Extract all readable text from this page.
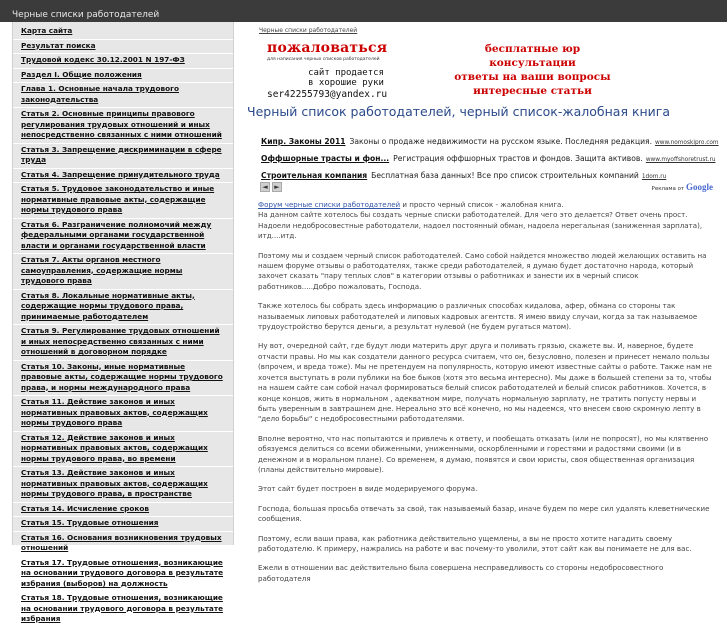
Черные списки работодателей
Карта сайта
Результат поиска
Трудовой кодекс 30.12.2001 N 197-ФЗ
Раздел I. Общие положения
Глава 1. Основные начала трудового законодательства
Статья 2. Основные принципы правового регулирования трудовых отношений и иных непосредственно связанных с ними отношений
Статья 3. Запрещение дискриминации в сфере труда
Статья 4. Запрещение принудительного труда
Статья 5. Трудовое законодательство и иные нормативные правовые акты, содержащие нормы трудового права
Статья 6. Разграничение полномочий между федеральными органами государственной власти и органами государственной власти
Статья 7. Акты органов местного самоуправления, содержащие нормы трудового права
Статья 8. Локальные нормативные акты, содержащие нормы трудового права, принимаемые работодателем
Статья 9. Регулирование трудовых отношений и иных непосредственно связанных с ними отношений в договорном порядке
Статья 10. Законы, иные нормативные правовые акты, содержащие нормы трудового права, и нормы международного права
Статья 11. Действие законов и иных нормативных правовых актов, содержащих нормы трудового права
Статья 12. Действие законов и иных нормативных правовых актов, содержащих нормы трудового права, во времени
Статья 13. Действие законов и иных нормативных правовых актов, содержащих нормы трудового права, в пространстве
Статья 14. Исчисление сроков
Статья 15. Трудовые отношения
Статья 16. Основания возникновения трудовых отношений
Статья 17. Трудовые отношения, возникающие на основании трудового договора в результате избрания (выборов) на должность
Статья 18. Трудовые отношения, возникающие на основании трудового договора в результате избрания
Черные списки работодателей
пожаловаться
для написания черных списков работодателей
сайт продается
в хорошие руки
ser42255793@yandex.ru
бесплатные юр консультации
ответы на ваши вопросы
интересные статьи
Черный список работодателей, черный список-жалобная книга
Кипр. Законы 2011 Законы о продаже недвижимости на русском языке. Последняя редакция. www.nomoskipro.com
Оффшорные трасты и фон... Регистрация оффшорных трастов и фондов. Защита активов. www.myoffshoretrust.ru
Строительная компания Бесплатная база данных! Все про список строительных компаний 1dom.ru
◄ ►	Реклама от Google

Форум черные списки работодателей и простo черный список - жалобная книга.
На данном сайте хотелось бы создать черные списки работодателей. Для чего это делается? Ответ очень прост. Надоели недобросовестные работодатели, надоел постоянный обман, надоела нерегальная (заниженная зарплата), итд....итд.

Поэтому мы и создаем черный список работодателей. Само собой найдется множество людей желающих оставить на нашем форуме отзывы о работодателях, также среди работодателей, я думаю будет достаточно народа, который захочет сказать "пару теплых слов" в категории отзывы о работниках и занести их в черный список работников.....Добро пожаловать, Господа.

Также хотелось бы собрать здесь информацию о различных способах кидалова, афер, обмана со стороны так называемых липовых работодателей и липовых кадровых агентств. Я имею ввиду случаи, когда за так называемое трудоустройство берутся деньги, а результат нулевой (не будем ругаться матом).

Ну вот, очередной сайт, где будут люди материть друг друга и поливать грязью, скажете вы. И, наверное, будете отчасти правы. Но мы как создатели данного ресурса считаем, что он, безусловно, полезен и принесет немало пользы (впрочем, и вреда тоже). Мы не претендуем на популярность, которую имеют известные сайты о работе. Также нам не хочется выступать в роли публики на бое быков (хотя это весьма интересно). Мы даже в большей степени за то, чтобы на нашем сайте сам собой начал формироваться белый список работодателей и белый список работников. Хочется, в конце концов, жить в нормальном , адекватном мире, получать нормальную зарплату, не тратить попусту нервы и быть уверенным в завтрашнем дне. Нереально это всё конечно, но мы надеемся, что внесем свою скромную лепту в "дело борьбы" с недобросовестными работодателями.

Вполне вероятно, что нас попытаются и привлечь к ответу, и пообещать отказать (или не попросят), но мы клятвенно обязуемся делиться со всеми обиженными, униженными, оскорбленными и горестями и радостями своими (и в денежном и в моральном плане). Со временем, я думаю, появятся и свои юристы, своя общественная организация (планы действительно мировые).

Этот сайт будет построен в виде модерируемого форума.

Господа, большая просьба отвечать за свой, так называемый базар, иначе будем по мере сил удалять клеветнические сообщения.

Поэтому, если ваши права, как работника действительно ущемлены, а вы не просто хотите нагадить своему работодателю. К примеру, нажрались на работе и вас почему-то уволили, этот сайт как вы понимаете не для вас.

Ежели в отношении вас действительно была совершена несправедливость со стороны недобросовестного работодателя
